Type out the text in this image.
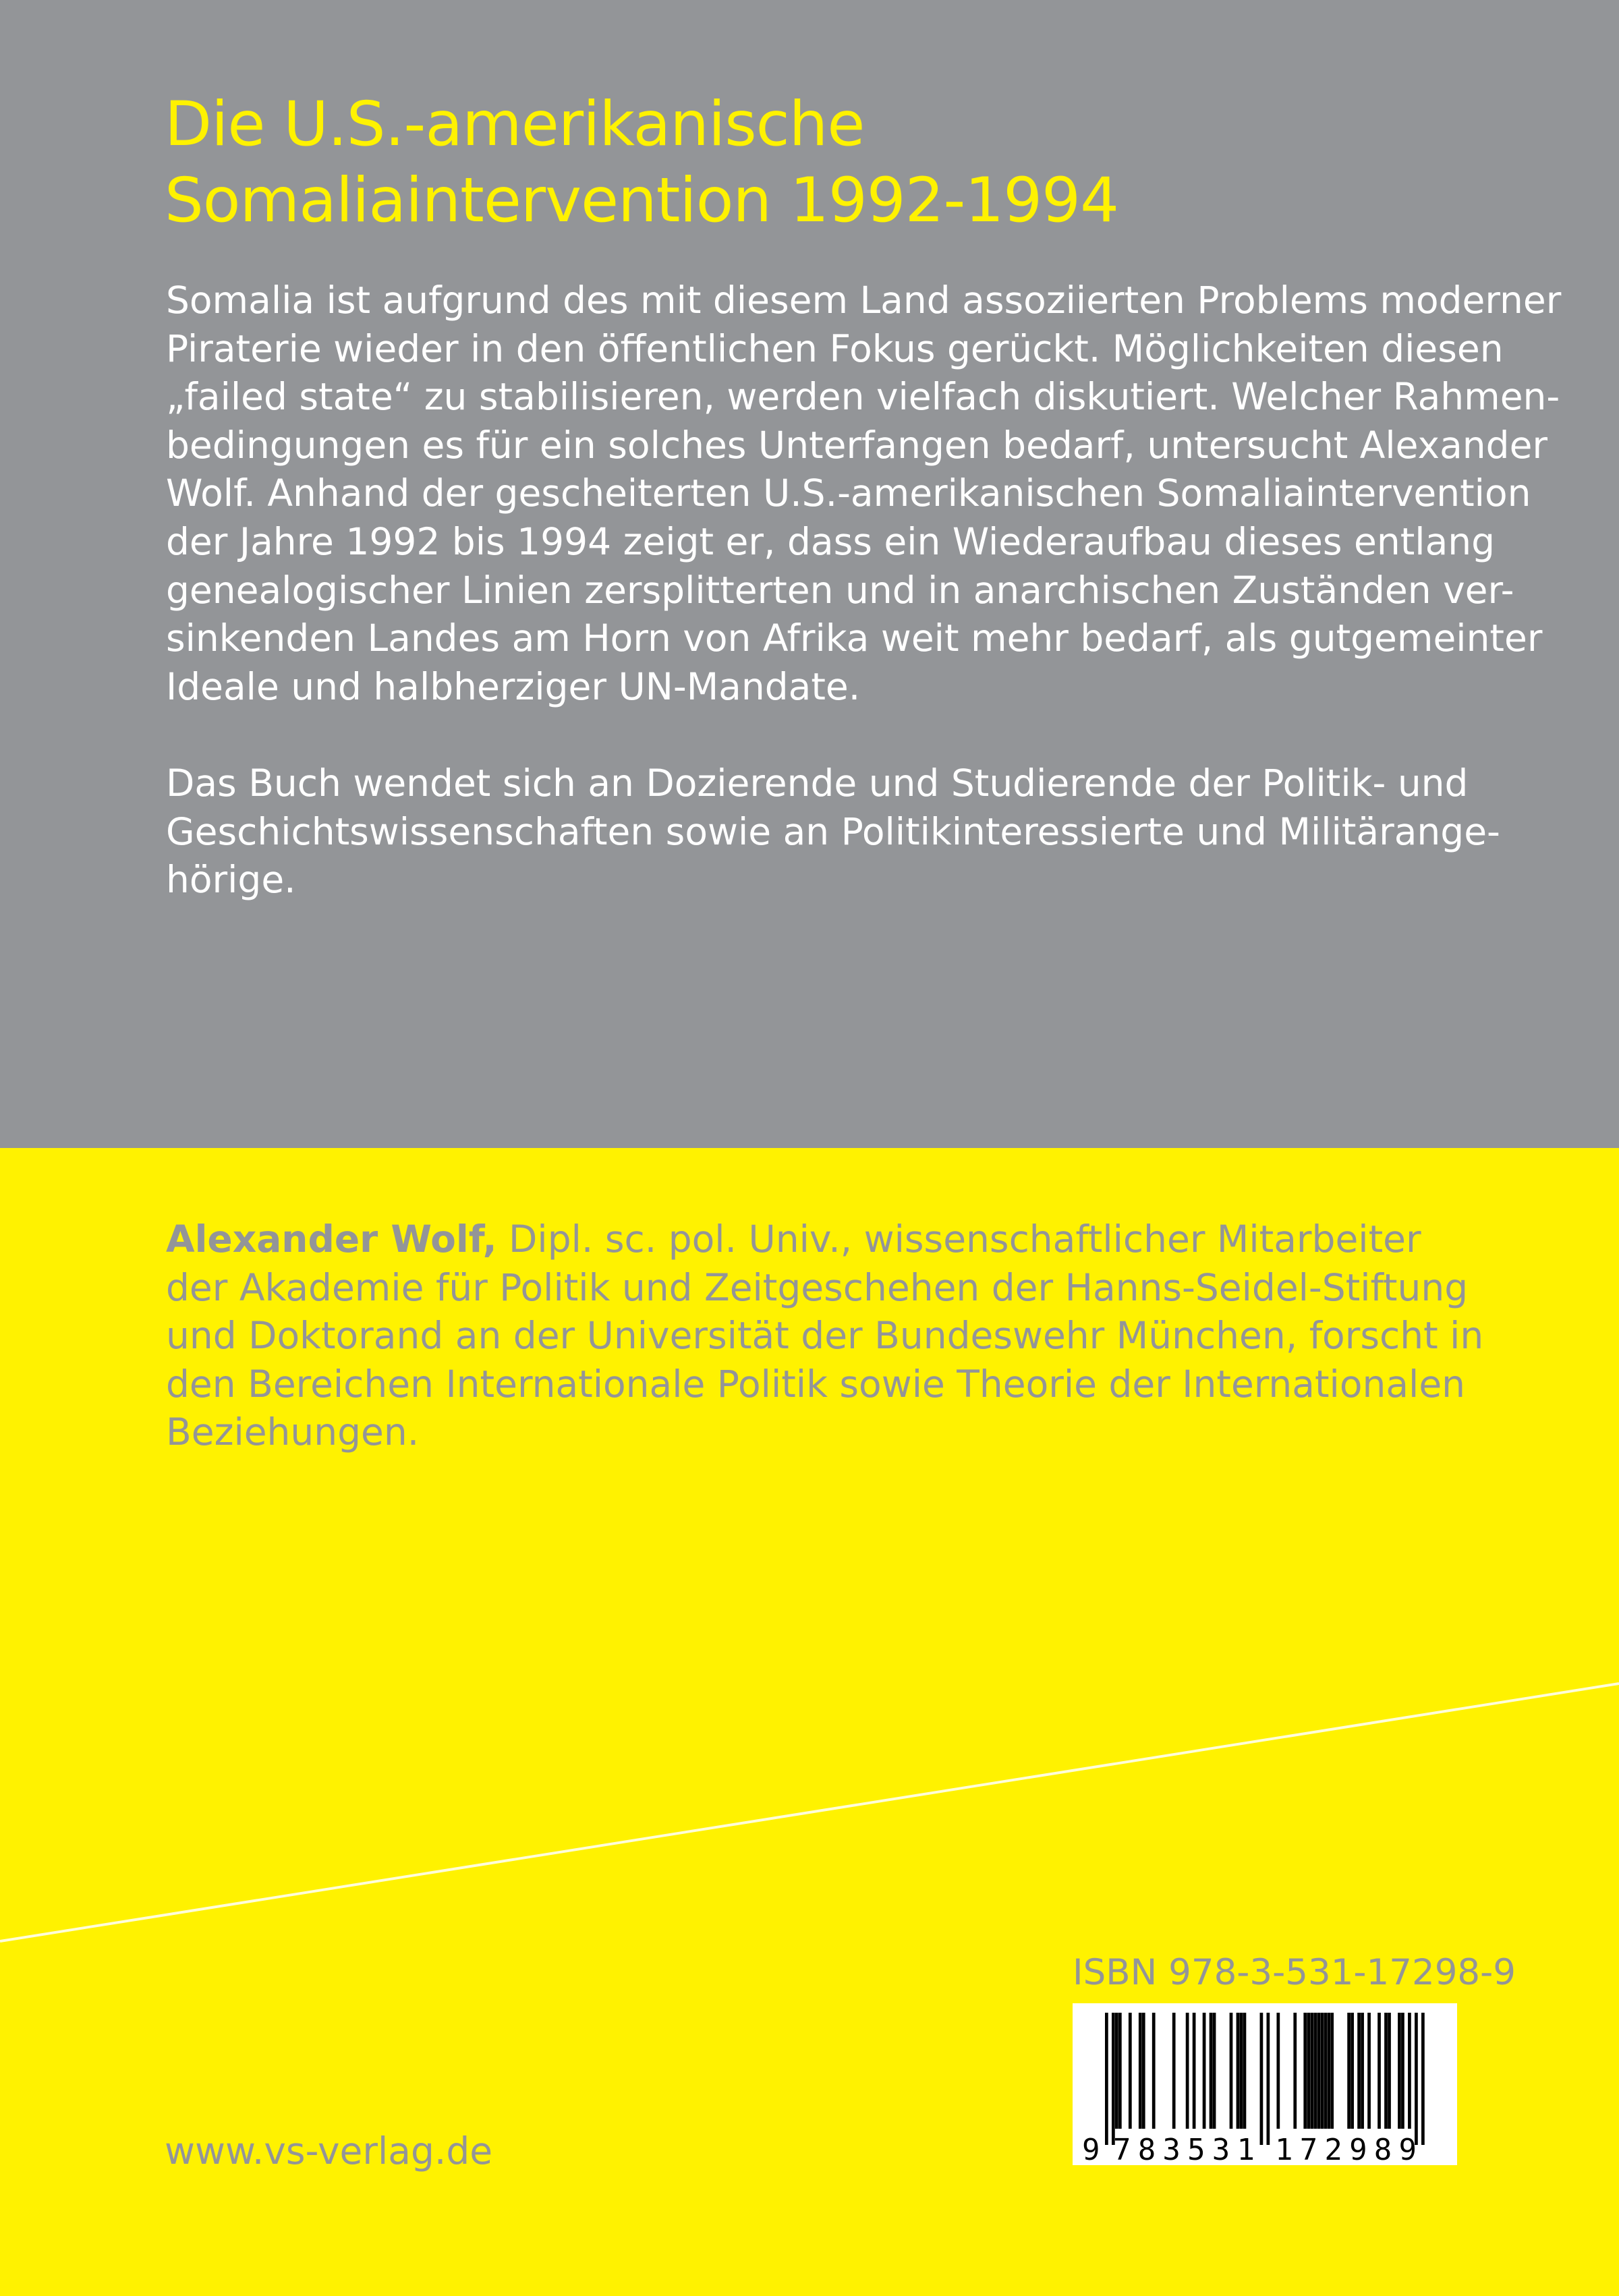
Die U.S.-amerikanische
Somaliaintervention 1992-1994

Somalia ist aufgrund des mit diesem Land assoziierten Problems moderner
Piraterie wieder in den öffentlichen Fokus gerückt. Möglichkeiten diesen
„failed state“ zu stabilisieren, werden vielfach diskutiert. Welcher Rahmen-
bedingungen es für ein solches Unterfangen bedarf, untersucht Alexander
Wolf. Anhand der gescheiterten U.S.-amerikanischen Somaliaintervention
der Jahre 1992 bis 1994 zeigt er, dass ein Wiederaufbau dieses entlang
genealogischer Linien zersplitterten und in anarchischen Zuständen ver-
sinkenden Landes am Horn von Afrika weit mehr bedarf, als gutgemeinter
Ideale und halbherziger UN-Mandate.

Das Buch wendet sich an Dozierende und Studierende der Politik- und
Geschichtswissenschaften sowie an Politikinteressierte und Militärange-
hörige.

Alexander Wolf, Dipl. sc. pol. Univ., wissenschaftlicher Mitarbeiter
der Akademie für Politik und Zeitgeschehen der Hanns-Seidel-Stiftung
und Doktorand an der Universität der Bundeswehr München, forscht in
den Bereichen Internationale Politik sowie Theorie der Internationalen
Beziehungen.

ISBN 978-3-531-17298-9
9 783531 172989
www.vs-verlag.de
